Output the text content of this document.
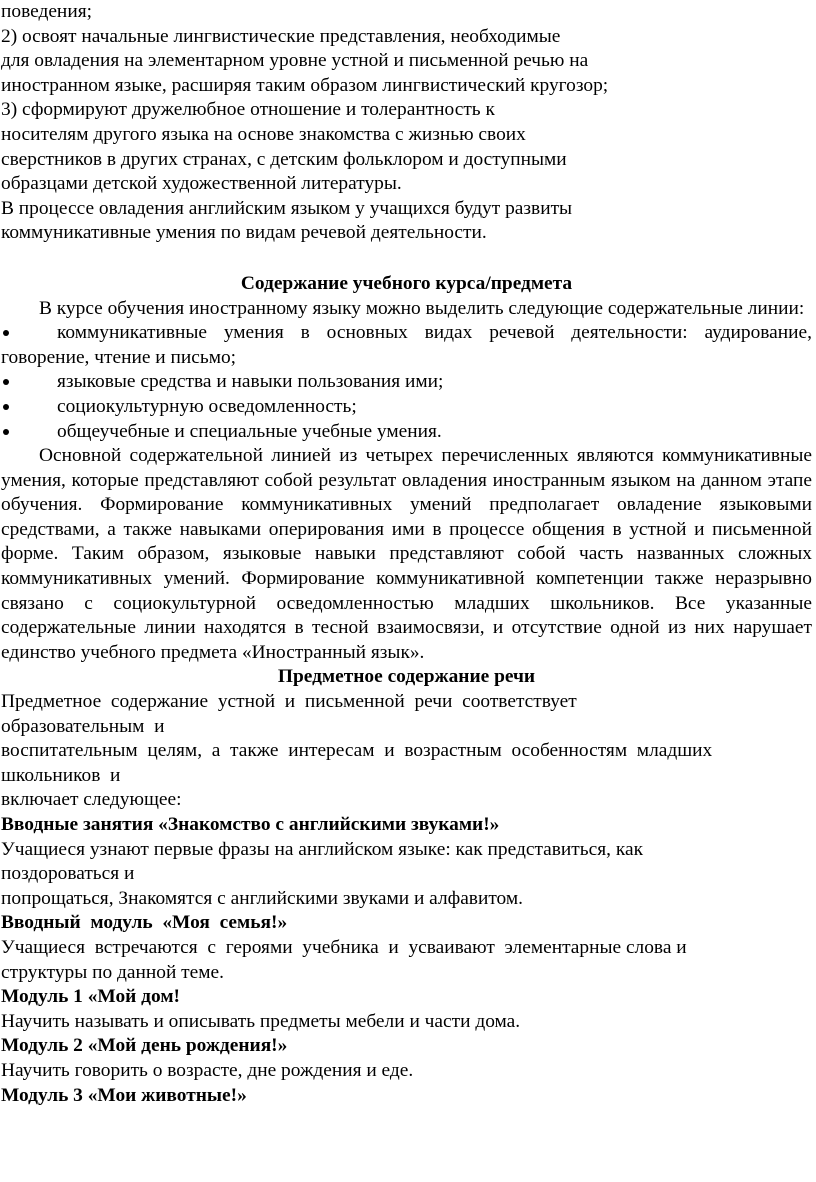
поведения;

2) освоят начальные лингвистические представления, необходимые

для овладения на элементарном уровне устной и письменной речью на

иностранном языке, расширяя таким образом лингвистический кругозор;

3) сформируют дружелюбное отношение и толерантность к

носителям другого языка на основе знакомства с жизнью своих

сверстников в других странах, с детским фольклором и доступными

образцами детской художественной литературы.

В процессе овладения английским языком у учащихся будут развиты

коммуникативные умения по видам речевой деятельности.

Содержание учебного курса/предмета

В курсе обучения иностранному языку можно выделить следующие содержательные линии:

коммуникативные умения в основных видах речевой деятельности: аудирование, говорение, чтение и письмо;
языковые средства и навыки пользования ими;
социокультурную осведомленность;
общеучебные и специальные учебные умения.

Основной содержательной линией из четырех перечисленных являются коммуникативные умения, которые представляют собой результат овладения иностранным языком на данном этапе обучения. Формирование коммуникативных умений предполагает овладение языковыми средствами, а также навыками оперирования ими в процессе общения в устной и письменной форме. Таким образом, языковые навыки представляют собой часть названных сложных коммуникативных умений. Формирование коммуникативной компетенции также неразрывно связано с социокультурной осведомленностью младших школьников. Все указанные содержательные линии находятся в тесной взаимосвязи, и отсутствие одной из них нарушает единство учебного предмета «Иностранный язык».

Предметное содержание речи

Предметное  содержание  устной  и  письменной  речи  соответствует

образовательным  и

воспитательным  целям,  а  также  интересам  и  возрастным  особенностям  младших

школьников  и

включает следующее:

Вводные занятия «Знакомство с английскими звуками!»

Учащиеся узнают первые фразы на английском языке: как представиться, как

поздороваться и

попрощаться, Знакомятся с английскими звуками и алфавитом.

Вводный  модуль  «Моя  семья!»

Учащиеся  встречаются  с  героями  учебника  и  усваивают  элементарные слова и

структуры по данной теме.

Модуль 1 «Мой дом!

Научить называть и описывать предметы мебели и части дома.

Модуль 2 «Мой день рождения!»

Научить говорить о возрасте, дне рождения и еде.

Модуль 3 «Мои животные!»
